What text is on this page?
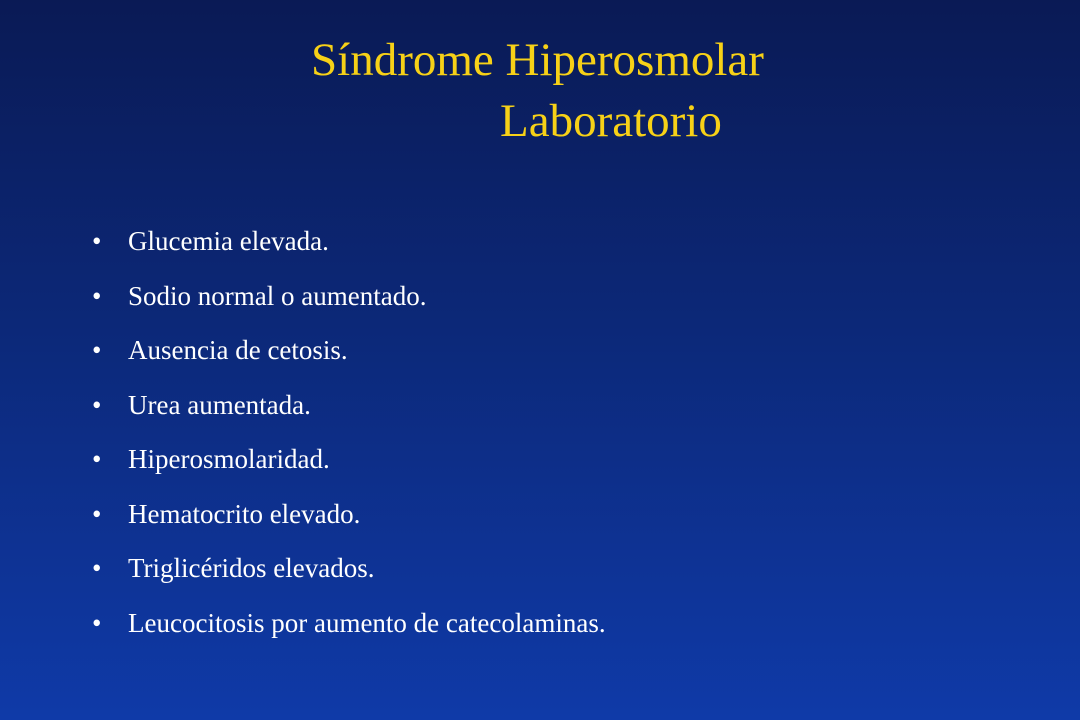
Síndrome Hiperosmolar
Laboratorio
• Glucemia elevada.
• Sodio normal o aumentado.
• Ausencia de cetosis.
• Urea aumentada.
• Hiperosmolaridad.
• Hematocrito elevado.
• Triglicéridos elevados.
• Leucocitosis por aumento de catecolaminas.
